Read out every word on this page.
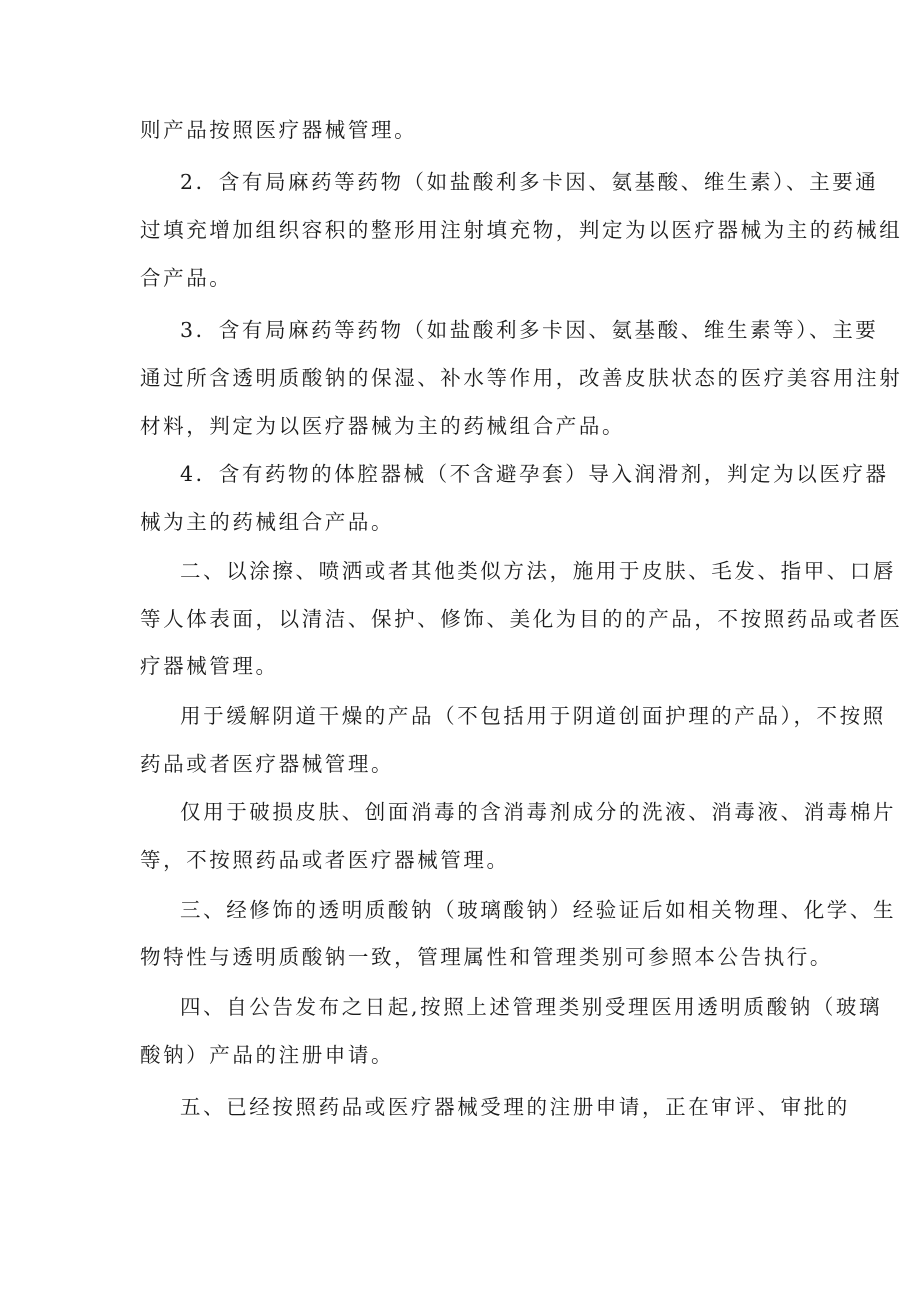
则产品按照医疗器械管理。
2．含有局麻药等药物（如盐酸利多卡因、氨基酸、维生素）、主要通
过填充增加组织容积的整形用注射填充物，判定为以医疗器械为主的药械组
合产品。
3．含有局麻药等药物（如盐酸利多卡因、氨基酸、维生素等）、主要
通过所含透明质酸钠的保湿、补水等作用，改善皮肤状态的医疗美容用注射
材料，判定为以医疗器械为主的药械组合产品。
4．含有药物的体腔器械（不含避孕套）导入润滑剂，判定为以医疗器
械为主的药械组合产品。
二、以涂擦、喷洒或者其他类似方法，施用于皮肤、毛发、指甲、口唇
等人体表面，以清洁、保护、修饰、美化为目的的产品，不按照药品或者医
疗器械管理。
用于缓解阴道干燥的产品（不包括用于阴道创面护理的产品），不按照
药品或者医疗器械管理。
仅用于破损皮肤、创面消毒的含消毒剂成分的洗液、消毒液、消毒棉片
等，不按照药品或者医疗器械管理。
三、经修饰的透明质酸钠（玻璃酸钠）经验证后如相关物理、化学、生
物特性与透明质酸钠一致，管理属性和管理类别可参照本公告执行。
四、自公告发布之日起,按照上述管理类别受理医用透明质酸钠（玻璃
酸钠）产品的注册申请。
五、已经按照药品或医疗器械受理的注册申请，正在审评、审批的
